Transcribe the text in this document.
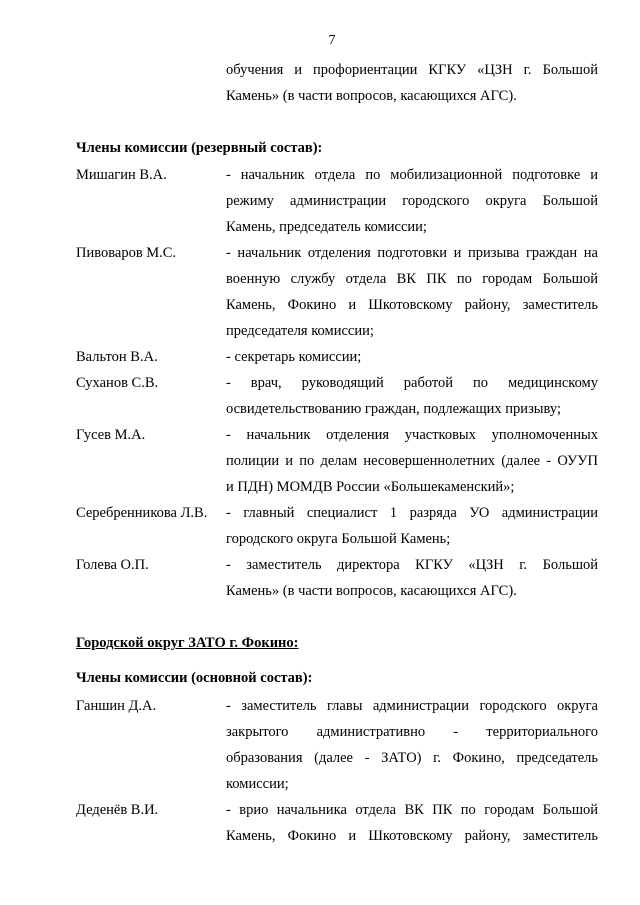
7
обучения и профориентации КГКУ «ЦЗН г. Большой
Камень» (в части вопросов, касающихся АГС).
Члены комиссии (резервный состав):
Мишагин В.А.	- начальник отдела по мобилизационной подготовке и
режиму администрации городского округа Большой
Камень, председатель комиссии;
Пивоваров М.С.	- начальник отделения подготовки и призыва граждан на
военную службу отдела ВК ПК по городам Большой
Камень, Фокино и Шкотовскому району, заместитель
председателя комиссии;
Вальтон В.А.	- секретарь комиссии;
Суханов С.В.	- врач, руководящий работой по медицинскому
освидетельствованию граждан, подлежащих призыву;
Гусев М.А.	- начальник отделения участковых уполномоченных
полиции и по делам несовершеннолетних (далее - ОУУП
и ПДН) МОМДВ России «Большекаменский»;
Серебренникова Л.В. - главный специалист 1 разряда УО администрации
городского округа Большой Камень;
Голева О.П.	- заместитель директора КГКУ «ЦЗН г. Большой
Камень» (в части вопросов, касающихся АГС).
Городской округ ЗАТО г. Фокино:
Члены комиссии (основной состав):
Ганшин Д.А.	- заместитель главы администрации городского округа
закрытого административно - территориального
образования (далее - ЗАТО) г. Фокино, председатель
комиссии;
Деденёв В.И.	- врио начальника отдела ВК ПК по городам Большой
Камень, Фокино и Шкотовскому району, заместитель
